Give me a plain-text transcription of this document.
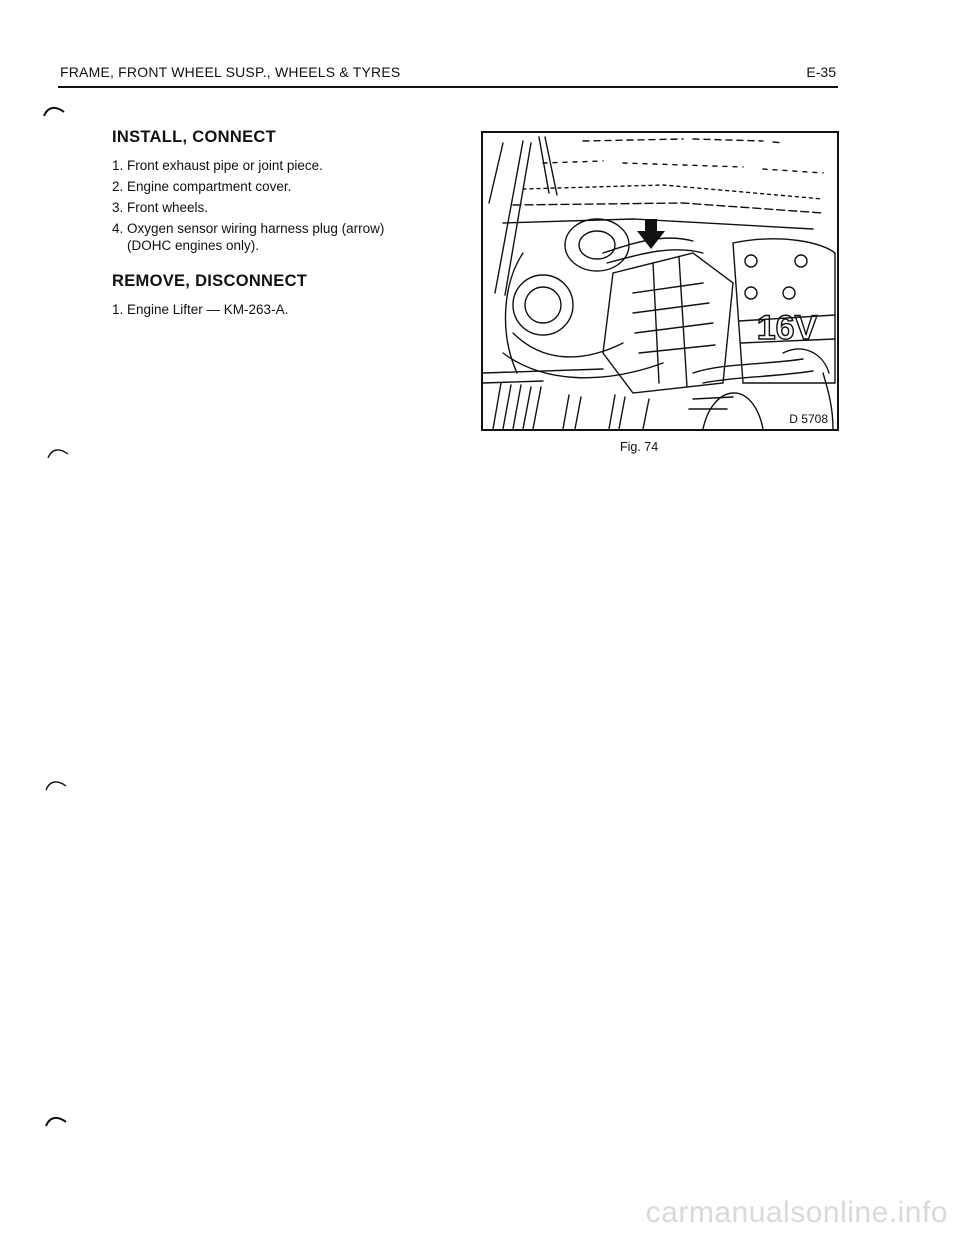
FRAME, FRONT WHEEL SUSP., WHEELS & TYRES	E-35
INSTALL, CONNECT
1. Front exhaust pipe or joint piece.
2. Engine compartment cover.
3. Front wheels.
4. Oxygen sensor wiring harness plug (arrow) (DOHC engines only).
REMOVE, DISCONNECT
1. Engine Lifter — KM-263-A.	16V
D 5708
Fig. 74
carmanualsonline.info
